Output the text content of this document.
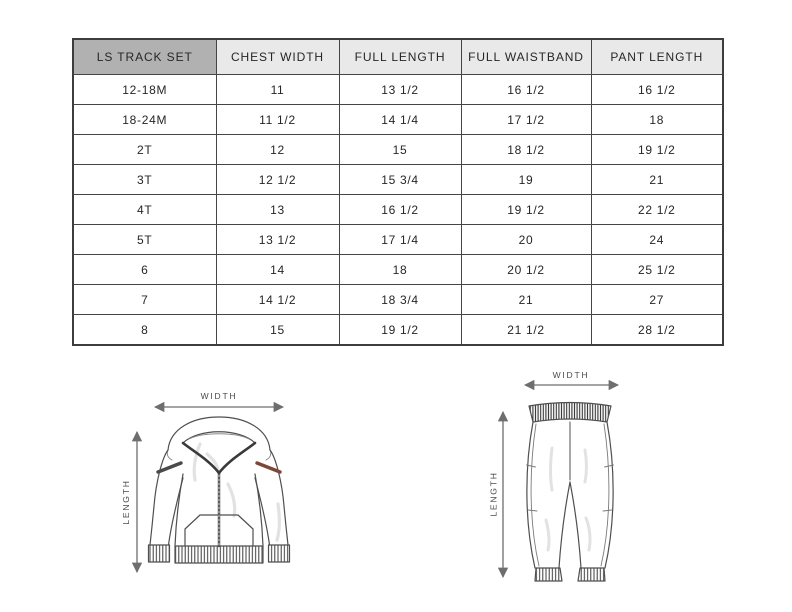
LS TRACK SET	CHEST WIDTH	FULL LENGTH	FULL WAISTBAND	PANT LENGTH
12-18M	11	13 1/2	16 1/2	16 1/2
18-24M	11 1/2	14 1/4	17 1/2	18
2T	12	15	18 1/2	19 1/2
3T	12 1/2	15 3/4	19	21
4T	13	16 1/2	19 1/2	22 1/2
5T	13 1/2	17 1/4	20	24
6	14	18	20 1/2	25 1/2
7	14 1/2	18 3/4	21	27
8	15	19 1/2	21 1/2	28 1/2
WIDTH
LENGTH
WIDTH
LENGTH
